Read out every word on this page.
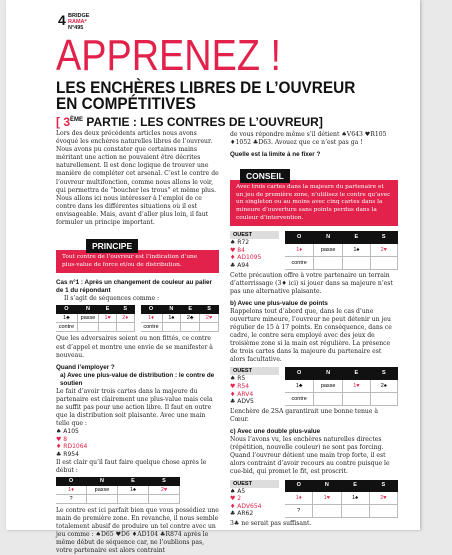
4 BRIDGE
RAMA*
N°495
APPRENEZ !
LES ENCHÈRES LIBRES DE L’OUVREUR
EN COMPÉTITIVES
[ 3ÈME PARTIE : LES CONTRES DE L’OUVREUR]
Lors des deux précédents articles nous avons évoqué les enchères naturelles libres de l’ouvreur. Nous avons pu constater que certaines mains méritant une action ne pouvaient être décrites naturellement. Il est donc logique de trouver une manière de compléter cet arsenal. C’est le contre de l’ouvreur multifonction, comme nous allons le voir, qui permettra de “boucher les trous” et même plus. Nous allons ici nous intéresser à l’emploi de ce contre dans les différentes situations où il est envisageable. Mais, avant d’aller plus loin, il faut formuler un principe important.
PRINCIPE
Tout contre de l’ouvreur est l’indication d’une plus-value de force et/ou de distribution.
Cas n°1 : Après un changement de couleur au palier de 1 du répondant
Il s’agit de séquences comme :
O	N	E	S
1♣	passe	1♥	2♦
contre			
O	N	E	S
1♦	1♠	2♣	2♥
contre			
Que les adversaires soient ou non fittés, ce contre est d’appel et montre une envie de se manifester à nouveau.
Quand l’employer ?
a) Avec une plus-value de distribution : le contre de soutien
Le fait d’avoir trois cartes dans la majeure du partenaire est clairement une plus-value mais cela ne suffit pas pour une action libre. Il faut en outre que la distribution soit plaisante. Avec une main telle que :
♠ A105
♥ 8
♦ RD1064
♣ R954
Il est clair qu’il faut faire quelque chose après le début :
O	N	E	S
1♦	passe	1♠	2♥
?			
Le contre est ici parfait bien que vous possédiez une main de première zone. En revanche, il nous semble totalement abusif de produire un tel contre avec un jeu comme : ♠D65 ♥D6 ♦AD104 ♣R874 après le même début de séquence car, ne l’oublions pas, votre partenaire est alors contraint
de vous répondre même s’il détient ♠V643 ♥R105 ♦1052 ♣D63. Avouez que ce n’est pas ga !
Quelle est la limite à ne fixer ?
CONSEIL
Avec trois cartes dans la majeure du partenaire et un jeu de première zone, n’utilisez le contre qu’avec un singleton ou au moins avec cinq cartes dans la mineure d’ouverture sans points perdus dans la couleur d’intervention.
OUEST
♠ R72
♥ 84
♦ AD1095
♣ A94
O	N	E	S
1♦	passe	1♠	2♥
contre			
Cette précaution offre à votre partenaire un terrain d’atterrissage (3♦ ici) si jouer dans sa majeure n’est pas une alternative plaisante.
b) Avec une plus-value de points
Rappelons tout d’abord que, dans le cas d’une ouverture mineure, l’ouvreur ne peut détenir un jeu régulier de 15 à 17 points. En conséquence, dans ce cadre, le contre sera employé avec des jeux de troisième zone si la main est régulière. La présence de trois cartes dans la majeure du partenaire est alors facultative.
OUEST
♠ R5
♥ R54
♦ ARV4
♣ ADV5
O	N	E	S
1♣	passe	1♥	2♠
contre			
L’enchère de 2SA garantirait une bonne tenue à Cœur.
c) Avec une double plus-value
Nous l’avons vu, les enchères naturelles directes (répétition, nouvelle couleur) ne sont pas forcing. Quand l’ouvreur détient une main trop forte, il est alors contraint d’avoir recours au contre puisque le cue-bid, qui promet le fit, est proscrit.
OUEST
♠ A5
♥ 2
♦ ADV654
♣ AR62
O	N	E	S
1♦	1♥	1♠	2♥
?			
3♣ ne serait pas suffisant.
